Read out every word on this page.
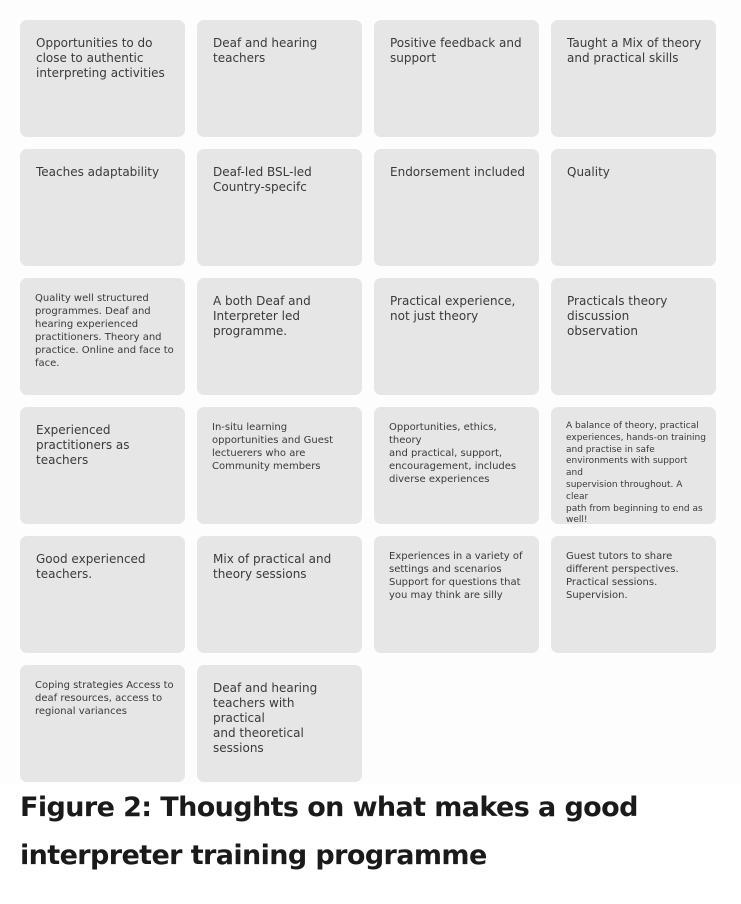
Opportunities to do
close to authentic
interpreting activities
Deaf and hearing
teachers
Positive feedback and
support
Taught a Mix of theory
and practical skills
Teaches adaptability	Deaf-led BSL-led
Country-specifc
Endorsement included	Quality
Quality well structured
programmes. Deaf and
hearing experienced
practitioners. Theory and
practice. Online and face to
face.
A both Deaf and
Interpreter led
programme.
Practical experience,
not just theory
Practicals theory
discussion observation
Experienced
practitioners as
teachers
In-situ learning
opportunities and Guest
lectuerers who are
Community members
Opportunities, ethics, theory
and practical, support,
encouragement, includes
diverse experiences
A balance of theory, practical
experiences, hands-on training
and practise in safe
environments with support and
supervision throughout. A clear
path from beginning to end as
well!
Good experienced
teachers.
Mix of practical and
theory sessions
Experiences in a variety of
settings and scenarios
Support for questions that
you may think are silly
Guest tutors to share
different perspectives.
Practical sessions.
Supervision.
Coping strategies Access to
deaf resources, access to
regional variances
Deaf and hearing
teachers with practical
and theoretical sessions
Figure 2: Thoughts on what makes a good
interpreter training programme
